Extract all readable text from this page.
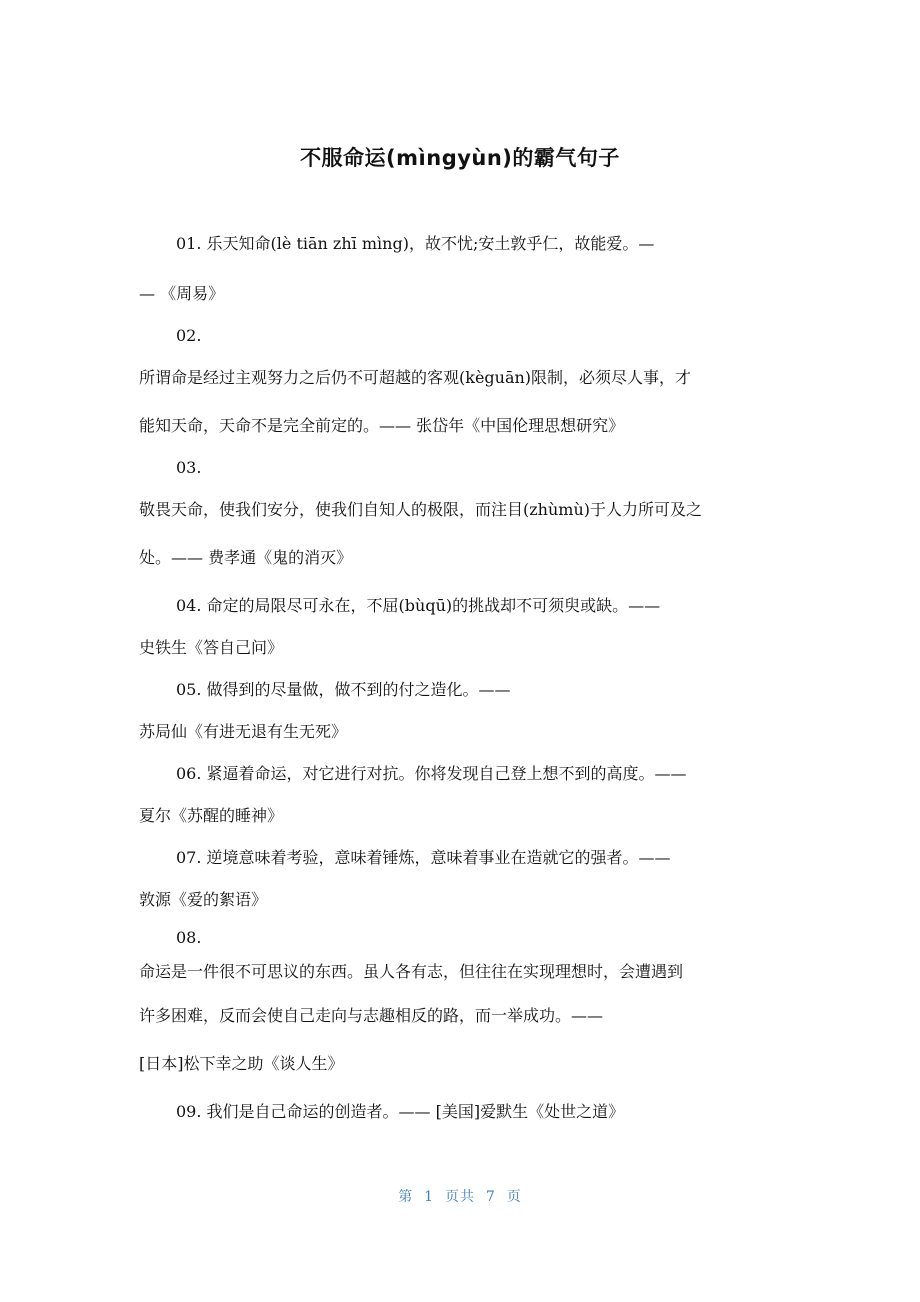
不服命运(mìngyùn)的霸气句子
01. 乐天知命(lè tiān zhī mìng)，故不忧;安土敦乎仁，故能爱。—
— 《周易》
02.
所谓命是经过主观努力之后仍不可超越的客观(kèguān)限制，必须尽人事，才
能知天命，天命不是完全前定的。—— 张岱年《中国伦理思想研究》
03.
敬畏天命，使我们安分，使我们自知人的极限，而注目(zhùmù)于人力所可及之
处。—— 费孝通《鬼的消灭》
04. 命定的局限尽可永在，不屈(bùqū)的挑战却不可须臾或缺。——
史铁生《答自己问》
05. 做得到的尽量做，做不到的付之造化。——
苏局仙《有进无退有生无死》
06. 紧逼着命运，对它进行对抗。你将发现自己登上想不到的高度。——
夏尔《苏醒的睡神》
07. 逆境意味着考验，意味着锤炼，意味着事业在造就它的强者。——
敦源《爱的絮语》
08.
命运是一件很不可思议的东西。虽人各有志，但往往在实现理想时，会遭遇到
许多困难，反而会使自己走向与志趣相反的路，而一举成功。——
[日本]松下幸之助《谈人生》
09. 我们是自己命运的创造者。—— [美国]爱默生《处世之道》
第  1  页共  7  页
